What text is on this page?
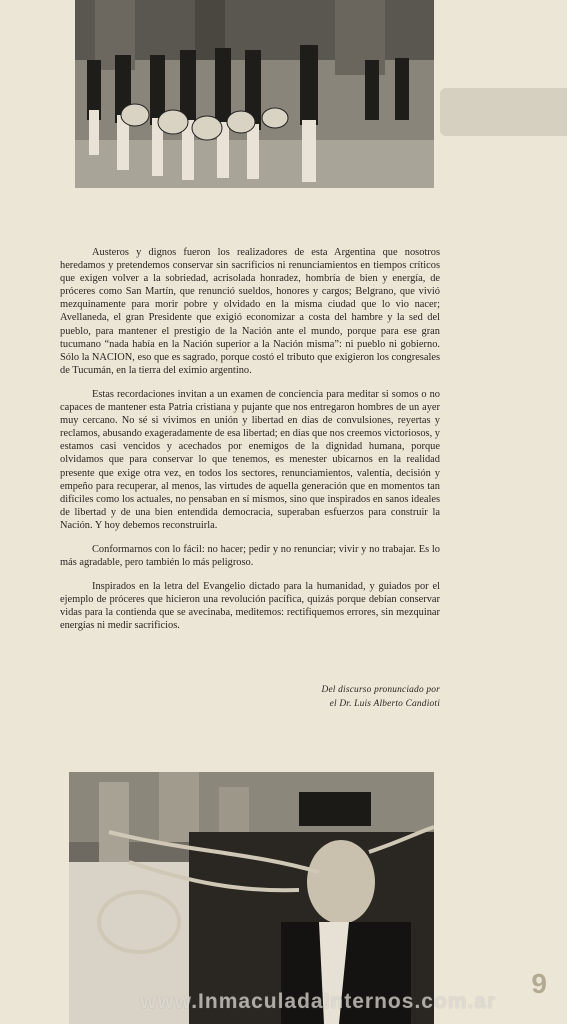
Austeros y dignos fueron los realizadores de esta Argentina que nosotros heredamos y pretendemos conservar sin sacrificios ni renunciamientos en tiempos críticos que exigen volver a la sobriedad, acrisolada honradez, hombría de bien y energía, de próceres como San Martín, que renunció sueldos, honores y cargos; Belgrano, que vivió mezquinamente para morir pobre y olvidado en la misma ciudad que lo vio nacer; Avellaneda, el gran Presidente que exigió economizar a costa del hambre y la sed del pueblo, para mantener el prestigio de la Nación ante el mundo, porque para ese gran tucumano “nada había en la Nación superior a la Nación misma”: ni pueblo ni gobierno. Sólo la NACION, eso que es sagrado, porque costó el tributo que exigieron los congresales de Tucumán, en la tierra del eximio argentino.

Estas recordaciones invitan a un examen de conciencia para meditar si somos o no capaces de mantener esta Patria cristiana y pujante que nos entregaron hombres de un ayer muy cercano. No sé si vivimos en unión y libertad en días de convulsiones, reyertas y reclamos, abusando exageradamente de esa libertad; en días que nos creemos victoriosos, y estamos casi vencidos y acechados por enemigos de la dignidad humana, porque olvidamos que para conservar lo que tenemos, es menester ubicarnos en la realidad presente que exige otra vez, en todos los sectores, renunciamientos, valentía, decisión y empeño para recuperar, al menos, las virtudes de aquella generación que en momentos tan difíciles como los actuales, no pensaban en sí mismos, sino que inspirados en sanos ideales de libertad y de una bien entendida democracia, superaban esfuerzos para construir la Nación. Y hoy debemos reconstruirla.

Conformarnos con lo fácil: no hacer; pedir y no renunciar; vivir y no trabajar. Es lo más agradable, pero también lo más peligroso.

Inspirados en la letra del Evangelio dictado para la humanidad, y guiados por el ejemplo de próceres que hicieron una revolución pacífica, quizás porque debían conservar vidas para la contienda que se avecinaba, meditemos: rectifiquemos errores, sin mezquinar energías ni medir sacrificios.

Del discurso pronunciado por
el Dr. Luis Alberto Candioti
9
www.InmaculadaInternos.com.ar
